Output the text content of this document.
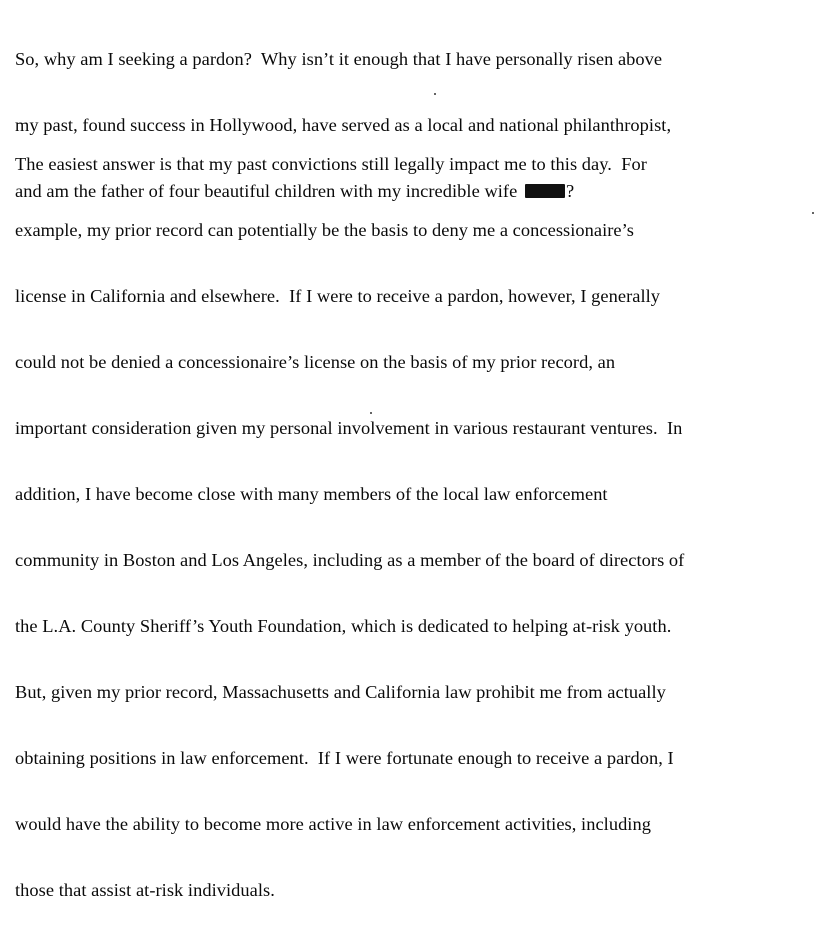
So, why am I seeking a pardon?  Why isn’t it enough that I have personally risen above

my past, found success in Hollywood, have served as a local and national philanthropist,

and am the father of four beautiful children with my incredible wife ?

The easiest answer is that my past convictions still legally impact me to this day.  For

example, my prior record can potentially be the basis to deny me a concessionaire’s

license in California and elsewhere.  If I were to receive a pardon, however, I generally

could not be denied a concessionaire’s license on the basis of my prior record, an

important consideration given my personal involvement in various restaurant ventures.  In

addition, I have become close with many members of the local law enforcement

community in Boston and Los Angeles, including as a member of the board of directors of

the L.A. County Sheriff’s Youth Foundation, which is dedicated to helping at-risk youth.

But, given my prior record, Massachusetts and California law prohibit me from actually

obtaining positions in law enforcement.  If I were fortunate enough to receive a pardon, I

would have the ability to become more active in law enforcement activities, including

those that assist at-risk individuals.
